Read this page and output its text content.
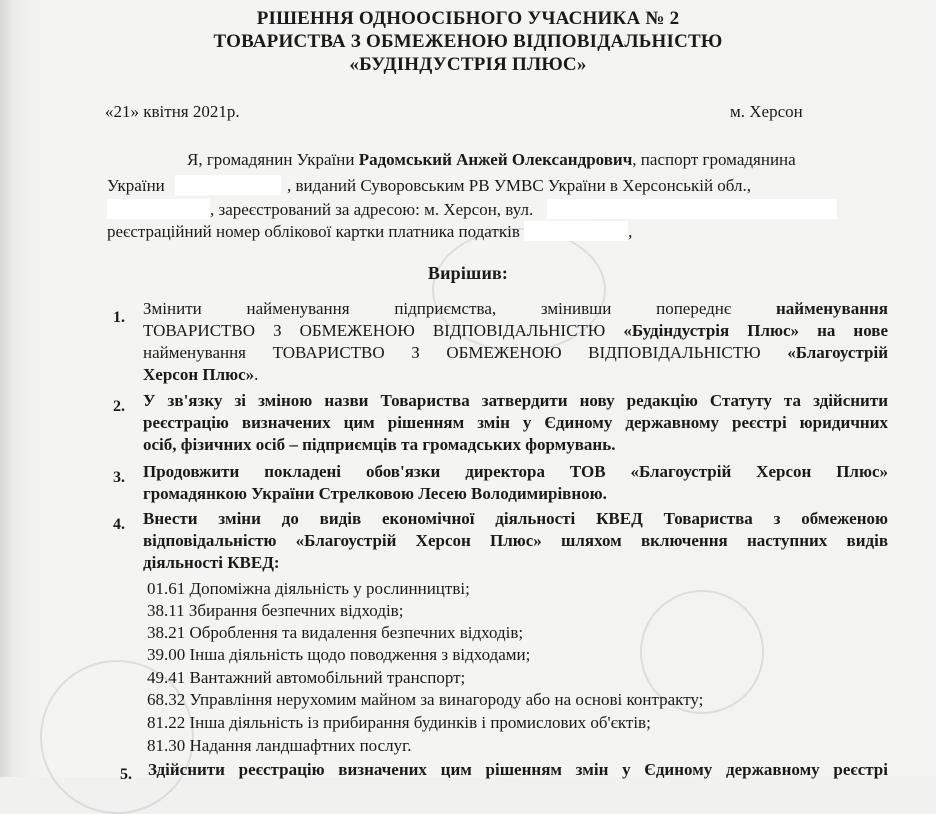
РІШЕННЯ ОДНООСІБНОГО УЧАСНИКА № 2
ТОВАРИСТВА З ОБМЕЖЕНОЮ ВІДПОВІДАЛЬНІСТЮ
«БУДІНДУСТРІЯ ПЛЮС»
«21» квітня 2021р.	м. Херсон
Я, громадянин України Радомський Анжей Олександрович, паспорт громадянина
України	, виданий Суворовським РВ УМВС України в Херсонській обл.,
, зареєстрований за адресою: м. Херсон, вул.
реєстраційний номер облікової картки платника податків	,
Вирішив:
1. Змінити найменування підприємства, змінивши попереднє найменування
ТОВАРИСТВО З ОБМЕЖЕНОЮ ВІДПОВІДАЛЬНІСТЮ «Будіндустрія Плюс» на нове
найменування ТОВАРИСТВО З ОБМЕЖЕНОЮ ВІДПОВІДАЛЬНІСТЮ «Благоустрій
Херсон Плюс».
2. У зв'язку зі зміною назви Товариства затвердити нову редакцію Статуту та здійснити
реєстрацію визначених цим рішенням змін у Єдиному державному реєстрі юридичних
осіб, фізичних осіб – підприємців та громадських формувань.
3. Продовжити покладені обов'язки директора ТОВ «Благоустрій Херсон Плюс»
громадянкою України Стрелковою Лесею Володимирівною.
4. Внести зміни до видів економічної діяльності КВЕД Товариства з обмеженою
відповідальністю «Благоустрій Херсон Плюс» шляхом включення наступних видів
діяльності КВЕД:
01.61 Допоміжна діяльність у рослинництві;
38.11 Збирання безпечних відходів;
38.21 Оброблення та видалення безпечних відходів;
39.00 Інша діяльність щодо поводження з відходами;
49.41 Вантажний автомобільний транспорт;
68.32 Управління нерухомим майном за винагороду або на основі контракту;
81.22 Інша діяльність із прибирання будинків і промислових об'єктів;
81.30 Надання ландшафтних послуг.
5. Здійснити реєстрацію визначених цим рішенням змін у Єдиному державному реєстрі
